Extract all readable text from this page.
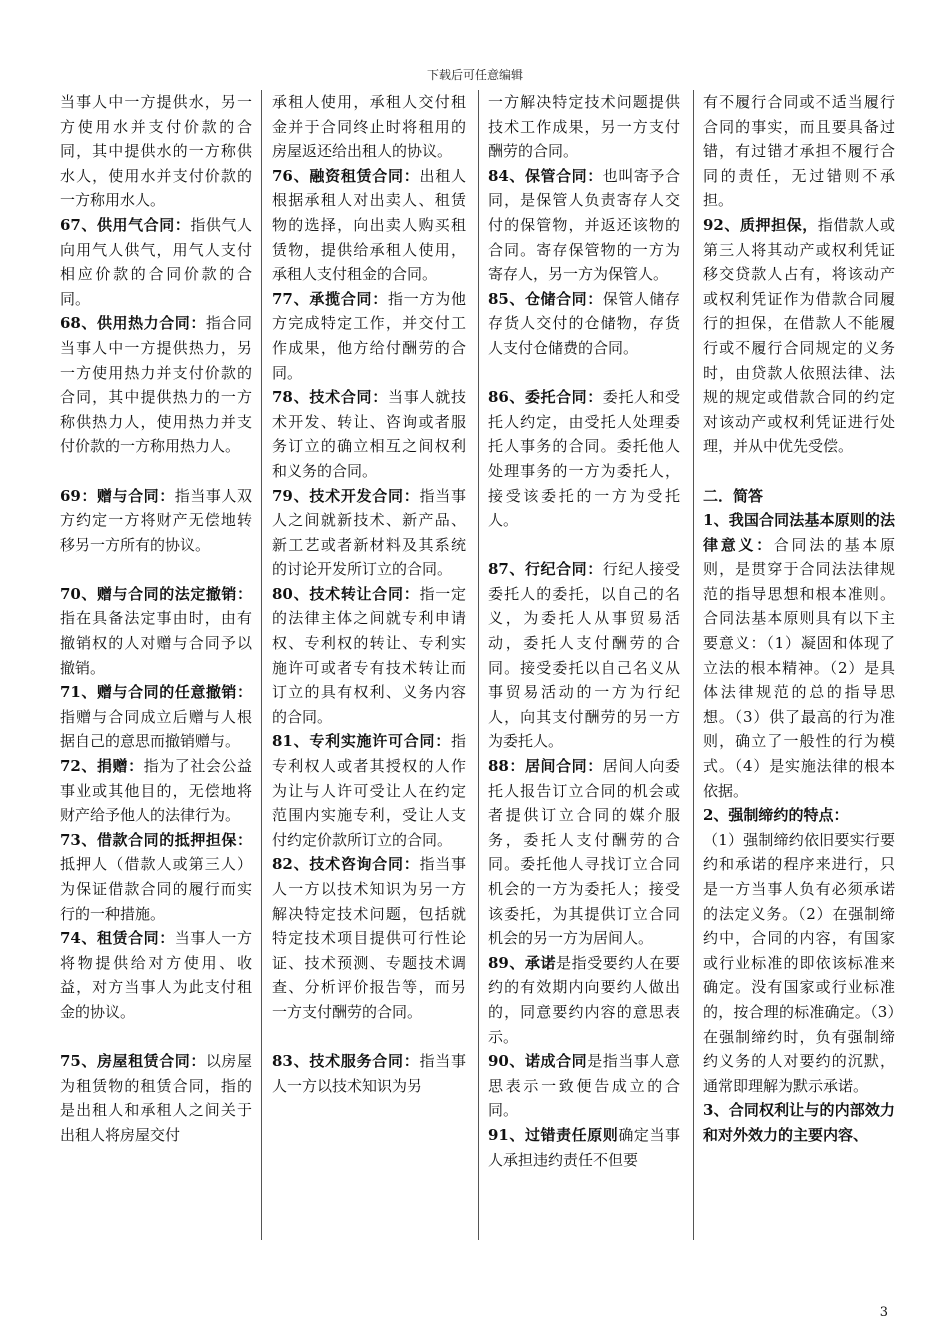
下载后可任意编辑

当事人中一方提供水，另一方使用水并支付价款的合同，其中提供水的一方称供水人，使用水并支付价款的一方称用水人。

67、供用气合同：指供气人向用气人供气，用气人支付相应价款的合同价款的合同。

68、供用热力合同：指合同当事人中一方提供热力，另一方使用热力并支付价款的合同，其中提供热力的一方称供热力人，使用热力并支付价款的一方称用热力人。

69：赠与合同：指当事人双方约定一方将财产无偿地转移另一方所有的协议。

70、赠与合同的法定撤销：指在具备法定事由时，由有撤销权的人对赠与合同予以撤销。

71、赠与合同的任意撤销：指赠与合同成立后赠与人根据自己的意思而撤销赠与。

72、捐赠：指为了社会公益事业或其他目的，无偿地将财产给予他人的法律行为。

73、借款合同的抵押担保：抵押人（借款人或第三人）为保证借款合同的履行而实行的一种措施。

74、租赁合同：当事人一方将物提供给对方使用、收益，对方当事人为此支付租金的协议。

75、房屋租赁合同：以房屋为租赁物的租赁合同，指的是出租人和承租人之间关于出租人将房屋交付

承租人使用，承租人交付租金并于合同终止时将租用的房屋返还给出租人的协议。

76、融资租赁合同：出租人根据承租人对出卖人、租赁物的选择，向出卖人购买租赁物，提供给承租人使用，承租人支付租金的合同。

77、承揽合同：指一方为他方完成特定工作，并交付工作成果，他方给付酬劳的合同。

78、技术合同：当事人就技术开发、转让、咨询或者服务订立的确立相互之间权利和义务的合同。

79、技术开发合同：指当事人之间就新技术、新产品、新工艺或者新材料及其系统的讨论开发所订立的合同。

80、技术转让合同：指一定的法律主体之间就专利申请权、专利权的转让、专利实施许可或者专有技术转让而订立的具有权利、义务内容的合同。

81、专利实施许可合同：指专利权人或者其授权的人作为让与人许可受让人在约定范围内实施专利，受让人支付约定价款所订立的合同。

82、技术咨询合同：指当事人一方以技术知识为另一方解决特定技术问题，包括就特定技术项目提供可行性论证、技术预测、专题技术调查、分析评价报告等，而另一方支付酬劳的合同。

83、技术服务合同：指当事人一方以技术知识为另

一方解决特定技术问题提供技术工作成果，另一方支付酬劳的合同。

84、保管合同：也叫寄予合同，是保管人负责寄存人交付的保管物，并返还该物的合同。寄存保管物的一方为寄存人，另一方为保管人。

85、仓储合同：保管人储存存货人交付的仓储物，存货人支付仓储费的合同。

86、委托合同：委托人和受托人约定，由受托人处理委托人事务的合同。委托他人处理事务的一方为委托人，接受该委托的一方为受托人。

87、行纪合同：行纪人接受委托人的委托，以自己的名义，为委托人从事贸易活动，委托人支付酬劳的合同。接受委托以自己名义从事贸易活动的一方为行纪人，向其支付酬劳的另一方为委托人。

88：居间合同：居间人向委托人报告订立合同的机会或者提供订立合同的媒介服务，委托人支付酬劳的合同。委托他人寻找订立合同机会的一方为委托人；接受该委托，为其提供订立合同机会的另一方为居间人。

89、承诺是指受要约人在要约的有效期内向要约人做出的，同意要约内容的意思表示。

90、诺成合同是指当事人意思表示一致便告成立的合同。

91、过错责任原则确定当事人承担违约责任不但要

有不履行合同或不适当履行合同的事实，而且要具备过错，有过错才承担不履行合同的责任，无过错则不承担。

92、质押担保，指借款人或第三人将其动产或权利凭证移交贷款人占有，将该动产或权利凭证作为借款合同履行的担保，在借款人不能履行或不履行合同规定的义务时，由贷款人依照法律、法规的规定或借款合同的约定对该动产或权利凭证进行处理，并从中优先受偿。

二．简答

1、我国合同法基本原则的法律意义：合同法的基本原则，是贯穿于合同法法律规范的指导思想和根本准则。合同法基本原则具有以下主要意义：（1）凝固和体现了立法的根本精神。（2）是具体法律规范的总的指导思想。（3）供了最高的行为准则，确立了一般性的行为模式。（4）是实施法律的根本依据。

2、强制缔约的特点：

（1）强制缔约依旧要实行要约和承诺的程序来进行，只是一方当事人负有必须承诺的法定义务。（2）在强制缔约中，合同的内容，有国家或行业标准的即依该标准来确定。没有国家或行业标准的，按合理的标准确定。（3）在强制缔约时，负有强制缔约义务的人对要约的沉默，通常即理解为默示承诺。

3、合同权利让与的内部效力和对外效力的主要内容、

3
